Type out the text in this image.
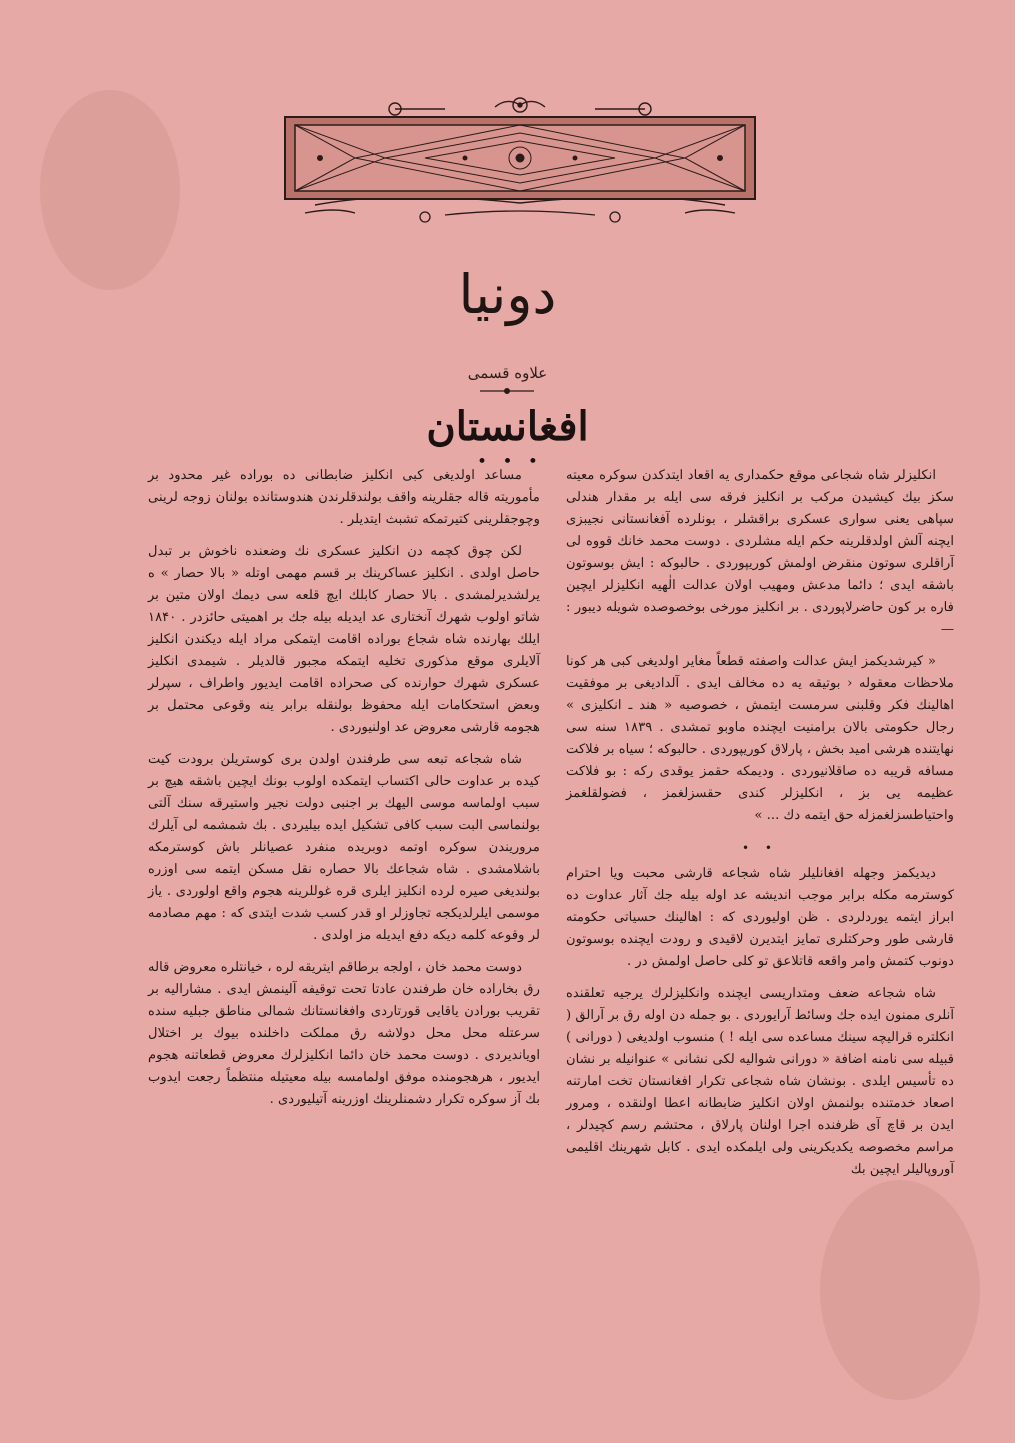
دونیا
علاوه قسمی
افغانستان
• • •

انكلیزلر شاه شجاعی موقع حكمداری یه اقعاد ایتدكدن سوكره معیته سكز بیك كیشیدن مركب بر انكلیز فرقه سی ایله بر مقدار هندلی سپاهی یعنی سواری عسكری براقشلر ، بونلرده آفغانستانی نجیبزی ایچنه آلش اولدقلرینه حكم ایله مشلردی . دوست محمد خانك قووه لی آراقلری سوتون منقرض اولمش كوریپوردی . حالبوكه : ایش بوسوتون باشقه ایدی ؛ دائما مدعش ومهیب اولان عدالت الٰهیه انكلیزلر ایچین فاره بر كون حاضرلاپوردی . بر انكلیز مورخی بوخصوصده شویله دیبور :—

« كیرشدیكمز ایش عدالت واصفته قطعاً مغایر اولدیغی كبی هر كونا ملاحظات معقوله ‹ بوتیقه یه ده مخالف ایدی . آلدادیغی بر موفقیت اهالینك فكر وقلبنی سرمست ایتمش ، خصوصیه « هند ـ انكلیزی » رجال حكومتی بالان برامنیت ایچنده ماوبو تمشدی . ۱۸۳۹ سنه سی نهایتنده هرشی امید بخش ، پارلاق كوریپوردی . حالبوكه ؛ سیاه بر فلاكت مسافه قریبه ده صاقلانیوردی . ودیمكه حقمز یوقدی ركه : بو فلاكت عظیمه یی بز ، انكلیزلر كندی حقسزلغمز ، فضولقلغمز واحتیاطسزلغمزله حق ایتمه دك ... »

• •

دیدیكمز وجهله افغانلیلر شاه شجاعه قارشی محبت ویا احترام كوسترمه مكله برابر موجب اندیشه عد اوله بیله جك آثار عداوت ده ابراز ایتمه یوردلردی . ظن اولیوردی كه : اهالینك حسیاتی حكومته قارشی طور وحركتلری تمایز ایتدیرن لاقیدی و رودت ایچنده بوسوتون دونوب كتمش وامر واقعه قاتلاعق تو كلی حاصل اولمش در .

شاه شجاعه ضعف ومتداریسی ایچنده وانكلیزلرك یرجیه تعلقنده آنلری ممنون ایده جك وسائط آرایوردی . بو جمله دن اوله رق بر آرالق ( انكلتره قرالیچه سینك مساعده سی ایله ! ) منسوب اولدیغی ( دورانی ) قبیله سی نامنه اضافة « دورانی شوالیه لكی نشانی » عنوانیله بر نشان ده تأسیس ایلدی . بونشان شاه شجاعی تكرار افغانستان تخت امارتنه اصعاد خدمتنده بولنمش اولان انكلیز ضابطانه اعطا اولنقده ، ومرور ایدن بر قاچ آی ظرفنده اجرا اولنان پارلاق ، محتشم رسم كچیدلر ، مراسم مخصوصه یكدیكرینی ولی ایلمكده ایدی . كابل شهرینك اقلیمی آوروپالیلر ایچین بك

مساعد اولدیغی كبی انكلیز ضابطانی ده بوراده غیر محدود بر مأموریته قاله جقلرینه واقف بولندقلرندن هندوستانده بولنان زوجه لرینی وچوجقلرینی كتیرتمكه تشبث ایتدیلر .

لكن چوق كچمه دن انكلیز عسكری نك وضعنده ناخوش بر تبدل حاصل اولدی . انكلیز عساكرینك بر قسم مهمی اوتله « بالا حصار » ه یرلشدیرلمشدی . بالا حصار كابلك ایچ قلعه سی دیمك اولان متین بر شاتو اولوب شهرك آنختاری عد ایدیله بیله جك بر اهمیتی حائزدر . ۱۸۴۰ ایلك بهارنده شاه شجاع بوراده اقامت ایتمكی مراد ایله دیكندن انكلیز آلایلری موقع مذكوری تخلیه ایتمكه مجبور قالدیلر . شیمدی انكلیز عسكری شهرك حوارنده كی صحراده اقامت ایدیور واطراف ، سپرلر وبعض استحكامات ایله محفوظ بولنقله برابر ینه وقوعی محتمل بر هجومه قارشی معروض عد اولنیوردی .

شاه شجاعه تبعه سی طرفندن اولدن بری كوستریلن برودت كیت كیده بر عداوت حالی اكتساب ایتمكده اولوب بونك ایچین باشقه هیچ بر سبب اولماسه موسی الیهك بر اجنبی دولت نجیر واستیرقه سنك آلتی بولنماسی البت سبب كافی تشكیل ایده بیلیردی . بك شمشمه لی آیلرك مروریندن سوكره اوتمه دوبریده منفرد عصیانلر باش كوسترمكه باشلامشدی . شاه شجاعك بالا حصاره نقل مسكن ایتمه سی اوزره بولندیغی صیره لرده انكلیز ایلری قره غوللرینه هجوم واقع اولوردی . یاز موسمی ایلرلدیكجه تجاوزلر او قدر كسب شدت ایتدی كه : مهم مصادمه لر وقوعه كلمه دیكه دفع ایدیله مز اولدی .

دوست محمد خان ، اولجه برطاقم ایتریقه لره ، خیانتلره معروض قاله رق بخاراده خان طرفندن عادتا تحت توقیفه آلینمش ایدی . مشارالیه بر تقریب بورادن یاقایی قورتاردی وافغانستانك شمالی مناطق جبلیه سنده سرعتله محل محل دولاشه رق مملكت داخلنده بیوك بر اختلال اویاندیردی . دوست محمد خان دائما انكلیزلرك معروض قطعاتنه هجوم ایدیور ، هرهجومنده موفق اولمامسه بیله معیتیله منتظماً رجعت ایدوب بك آز سوكره تكرار دشمنلرینك اوزرینه آتیلیوردی .
